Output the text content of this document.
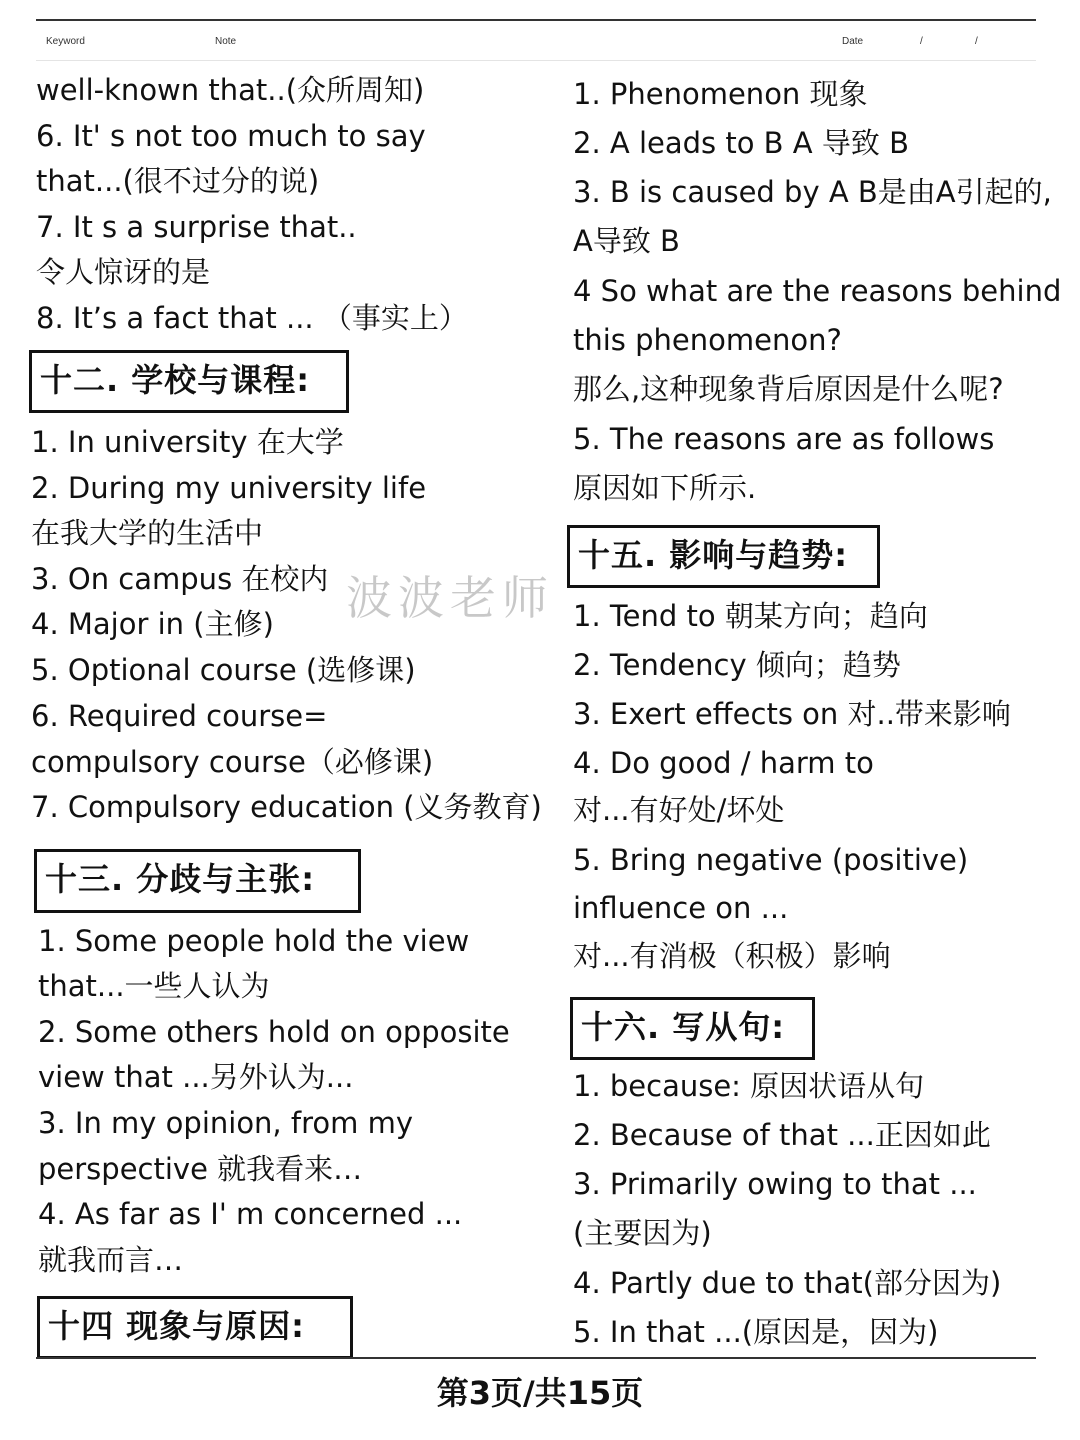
Keyword	Note	Date	/	/
well-known that..(众所周知)
6. It' s not too much to say
that...(很不过分的说)
7. It s a surprise that..
令人惊讶的是
8. It’s a fact that ... （事实上）
十二. 学校与课程:
1. In university 在大学
2. During my university life
在我大学的生活中
3. On campus 在校内
4. Major in (主修)
5. Optional course (选修课)
6. Required course=
compulsory course（必修课)
7. Compulsory education (义务教育)
十三. 分歧与主张:
1. Some people hold the view
that...一些人认为
2. Some others hold on opposite
view that ...另外认为...
3. In my opinion, from my
perspective 就我看来…
4. As far as I' m concerned ...
就我而言…
十四 现象与原因:
波波老师
1. Phenomenon 现象
2. A leads to B A 导致 B
3. B is caused by A B是由A引起的,
A导致 B
4 So what are the reasons behind
this phenomenon?
那么,这种现象背后原因是什么呢?
5. The reasons are as follows
原因如下所示.
十五. 影响与趋势:
1. Tend to 朝某方向；趋向
2. Tendency 倾向；趋势
3. Exert effects on 对..带来影响
4. Do good / harm to
对...有好处/坏处
5. Bring negative (positive)
influence on ...
对...有消极（积极）影响
十六. 写从句:
1. because: 原因状语从句
2. Because of that ...正因如此
3. Primarily owing to that ...
(主要因为)
4. Partly due to that(部分因为)
5. In that ...(原因是，因为)
第3页/共15页
